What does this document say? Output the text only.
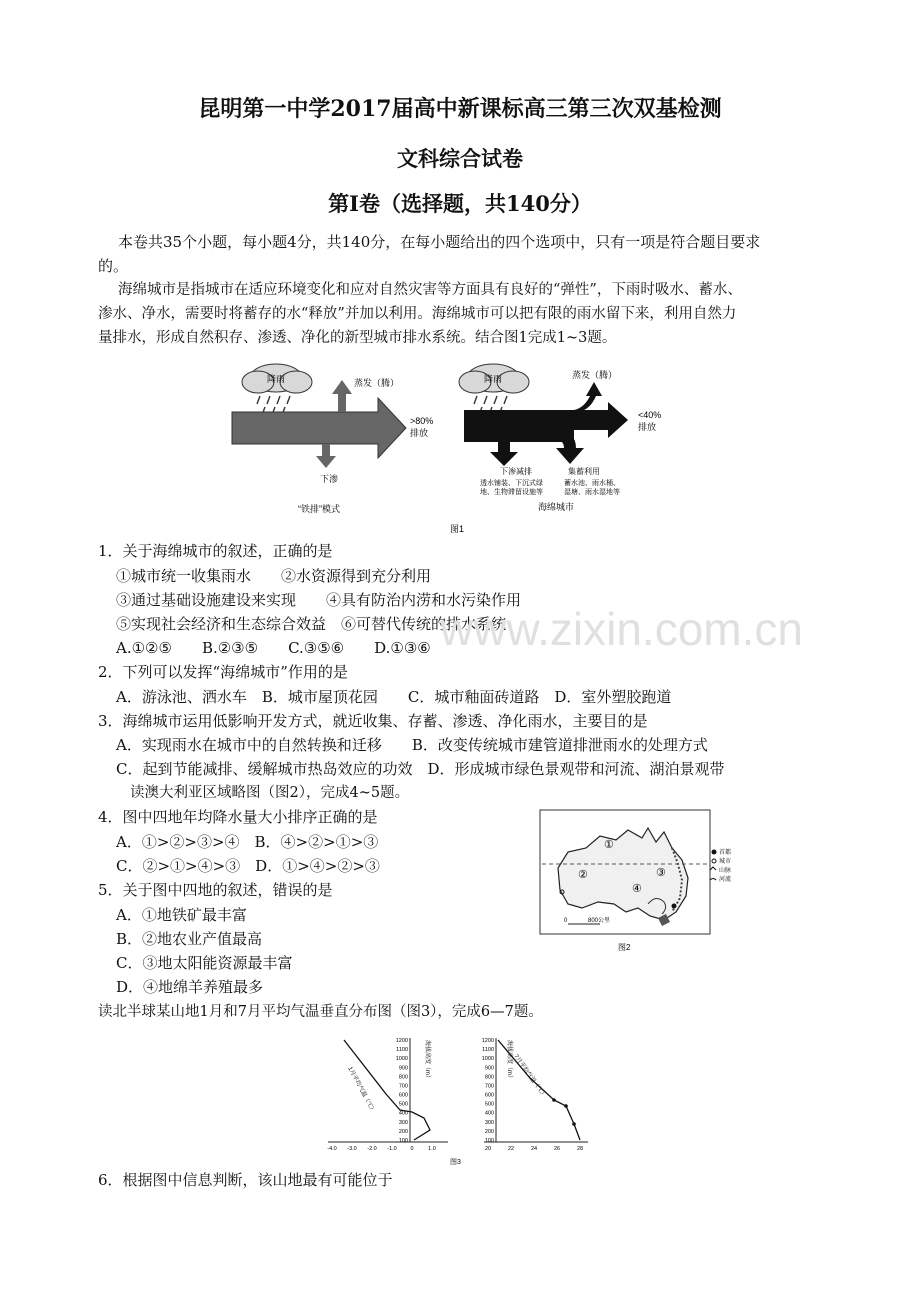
昆明第一中学2017届高中新课标高三第三次双基检测
文科综合试卷
第I卷（选择题，共140分）
本卷共35个小题，每小题4分，共140分，在每小题给出的四个选项中，只有一项是符合题目要求
的。
海绵城市是指城市在适应环境变化和应对自然灾害等方面具有良好的“弹性”，下雨时吸水、蓄水、
渗水、净水，需要时将蓄存的水“释放”并加以利用。海绵城市可以把有限的雨水留下来，利用自然力
量排水，形成自然积存、渗透、净化的新型城市排水系统。结合图1完成1~3题。
降雨	蒸发（腾）
>80%
排放
下渗
“铁排”模式
降雨	蒸发（腾）
<40%
排放
下渗减排
透水铺装、下沉式绿
地、生物滞留设施等
集蓄利用
蓄水池、雨水桶、
湿塘、雨水湿地等
海绵城市
图1
1．关于海绵城市的叙述，正确的是
①城市统一收集雨水　　②水资源得到充分利用
③通过基础设施建设来实现　　④具有防治内涝和水污染作用
⑤实现社会经济和生态综合效益　⑥可替代传统的排水系统
A.①②⑤　　B.②③⑤　　C.③⑤⑥　　D.①③⑥
2．下列可以发挥“海绵城市”作用的是
A．游泳池、洒水车　B．城市屋顶花园　　C．城市釉面砖道路　D．室外塑胶跑道
3．海绵城市运用低影响开发方式，就近收集、存蓄、渗透、净化雨水，主要目的是
A．实现雨水在城市中的自然转换和迁移　　B．改变传统城市建管道排泄雨水的处理方式
C．起到节能减排、缓解城市热岛效应的功效　D．形成城市绿色景观带和河流、湖泊景观带
读澳大利亚区域略图（图2），完成4~5题。
4．图中四地年均降水量大小排序正确的是
A．①>②>③>④　B．④>②>①>③
C．②>①>④>③　D．①>④>②>③
5．关于图中四地的叙述，错误的是
A．①地铁矿最丰富
B．②地农业产值最高
C．③地太阳能资源最丰富
D．④地绵羊养殖最多
①
②	③
④
0	800公里
首都
城市
山脉
河流
图2
读北半球某山地1月和7月平均气温垂直分布图（图3），完成6—7题。
100	100
200	200
300	300
400	400
500	500
600	600
700	700
800	800
900	900
1000	1000
1100	1100
1200	1200
-4.0 -3.0 -2.0 -1.0 0	1.0	20	22	24	26	28
1月平均气温（℃）	7月平均气温（℃）
海拔高度（m）	海拔高度（m）
图3
6．根据图中信息判断，该山地最有可能位于
www.zixin.com.cn
